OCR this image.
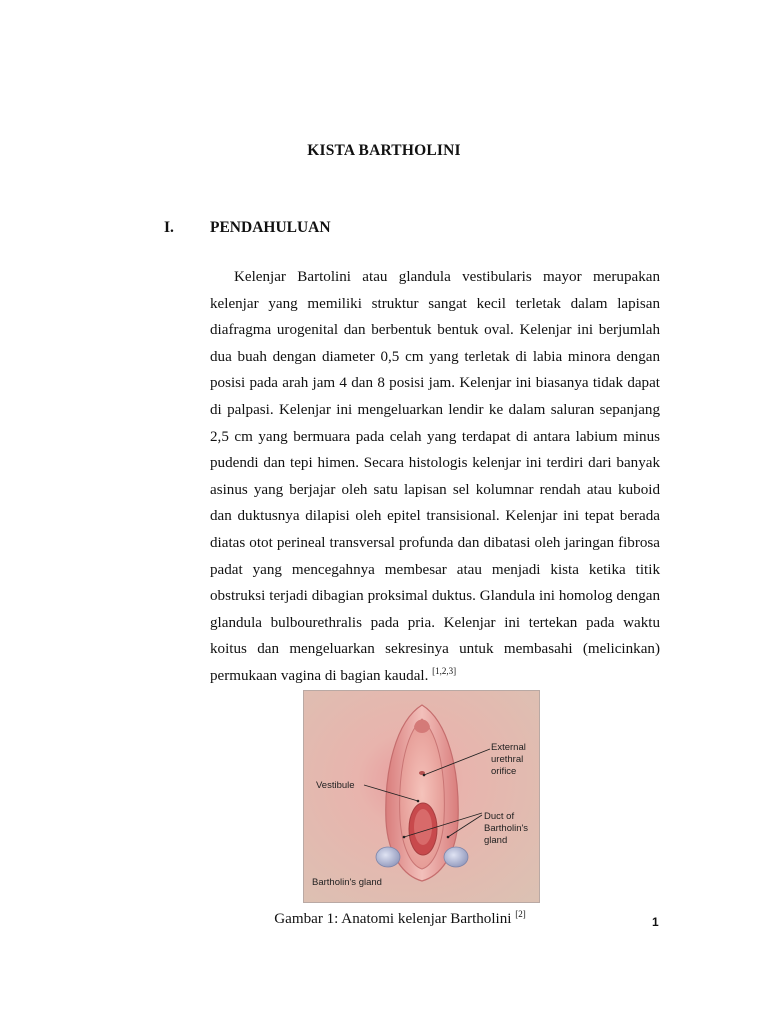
KISTA BARTHOLINI
I. PENDAHULUAN

Kelenjar Bartolini atau glandula vestibularis mayor merupakan kelenjar yang memiliki struktur sangat kecil terletak dalam lapisan diafragma urogenital dan berbentuk bentuk oval. Kelenjar ini berjumlah dua buah dengan diameter 0,5 cm yang terletak di labia minora dengan posisi pada arah jam 4 dan 8 posisi jam. Kelenjar ini biasanya tidak dapat di palpasi. Kelenjar ini mengeluarkan lendir ke dalam saluran sepanjang 2,5 cm yang bermuara pada celah yang terdapat di antara labium minus pudendi dan tepi himen. Secara histologis kelenjar ini terdiri dari banyak asinus yang berjajar oleh satu lapisan sel kolumnar rendah atau kuboid dan duktusnya dilapisi oleh epitel transisional. Kelenjar ini tepat berada diatas otot perineal transversal profunda dan dibatasi oleh jaringan fibrosa padat yang mencegahnya membesar atau menjadi kista ketika titik obstruksi terjadi dibagian proksimal duktus. Glandula ini homolog dengan glandula bulbourethralis pada pria. Kelenjar ini tertekan pada waktu koitus dan mengeluarkan sekresinya untuk membasahi (melicinkan) permukaan vagina di bagian kaudal. [1,2,3]

External
urethral
orifice
Vestibule
Duct of
Bartholin's
gland
Bartholin's gland
Gambar 1: Anatomi kelenjar Bartholini [2]
1
